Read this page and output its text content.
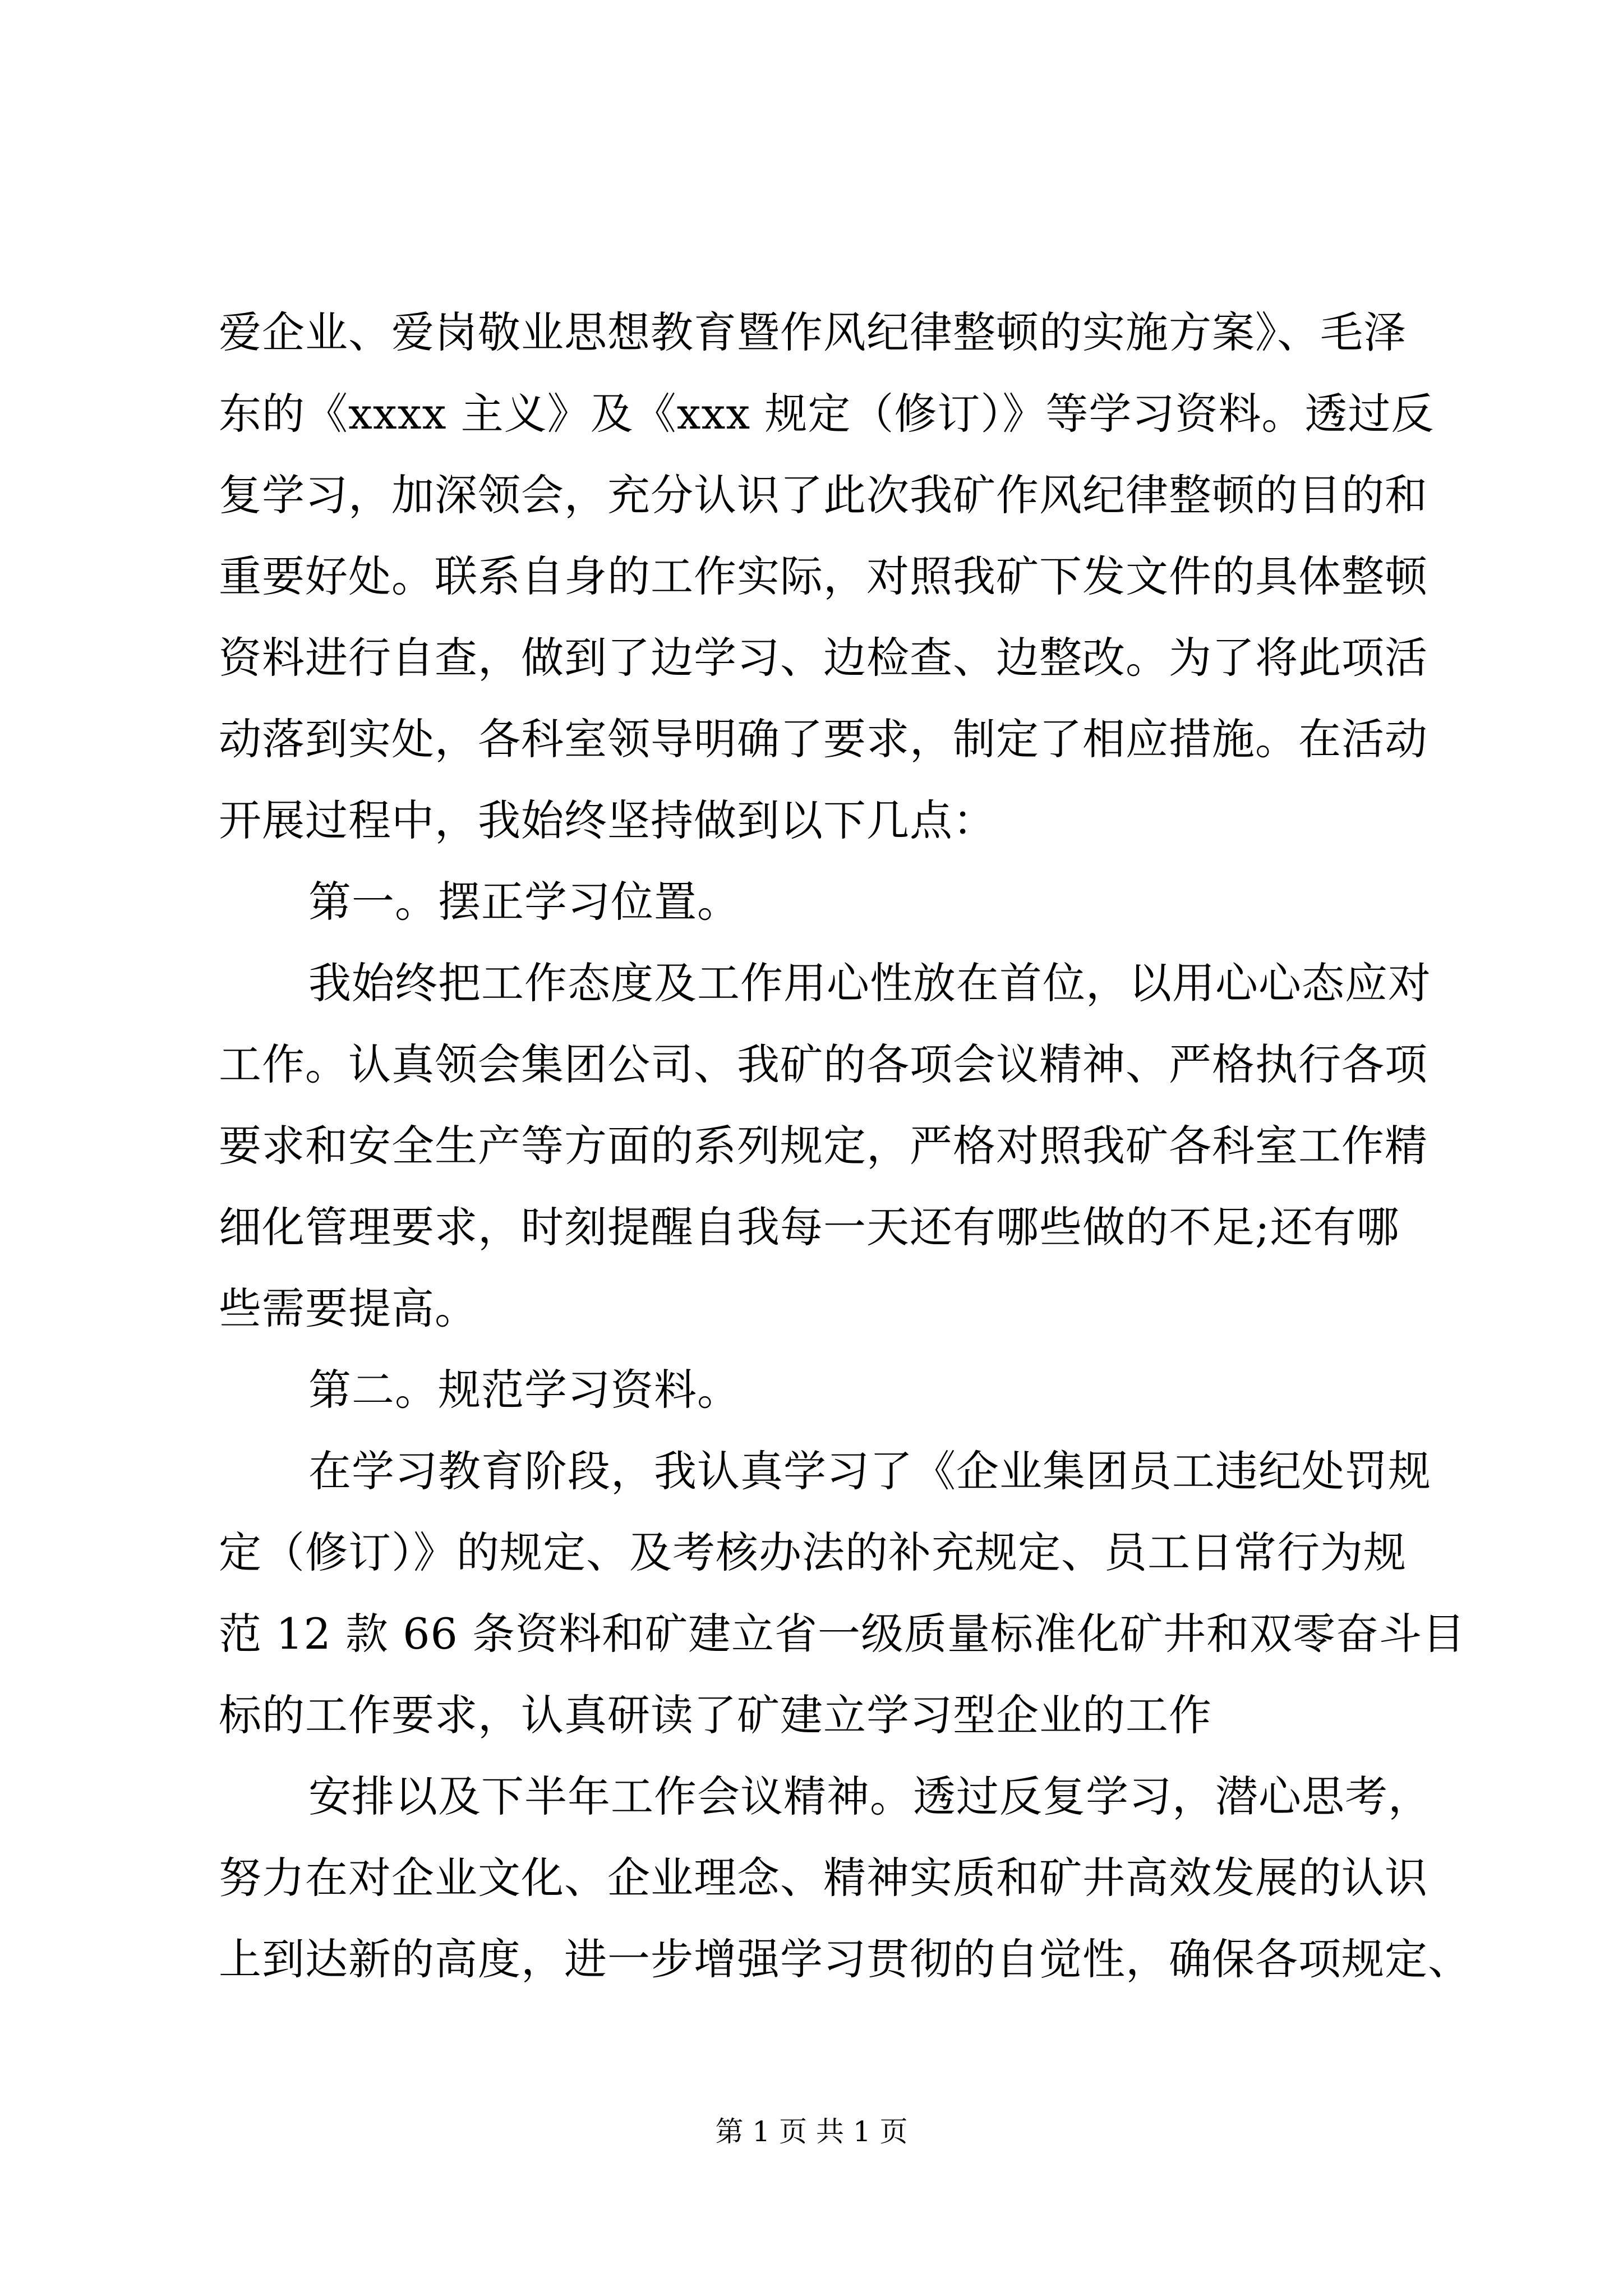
爱企业、爱岗敬业思想教育暨作风纪律整顿的实施方案》、毛泽
东的《xxxx 主义》及《xxx 规定（修订）》等学习资料。透过反
复学习，加深领会，充分认识了此次我矿作风纪律整顿的目的和
重要好处。联系自身的工作实际，对照我矿下发文件的具体整顿
资料进行自查，做到了边学习、边检查、边整改。为了将此项活
动落到实处，各科室领导明确了要求，制定了相应措施。在活动
开展过程中，我始终坚持做到以下几点：
第一。摆正学习位置。
我始终把工作态度及工作用心性放在首位，以用心心态应对
工作。认真领会集团公司、我矿的各项会议精神、严格执行各项
要求和安全生产等方面的系列规定，严格对照我矿各科室工作精
细化管理要求，时刻提醒自我每一天还有哪些做的不足;还有哪
些需要提高。
第二。规范学习资料。
在学习教育阶段，我认真学习了《企业集团员工违纪处罚规
定（修订）》的规定、及考核办法的补充规定、员工日常行为规
范 12 款 66 条资料和矿建立省一级质量标准化矿井和双零奋斗目
标的工作要求，认真研读了矿建立学习型企业的工作
安排以及下半年工作会议精神。透过反复学习，潜心思考，
努力在对企业文化、企业理念、精神实质和矿井高效发展的认识
上到达新的高度，进一步增强学习贯彻的自觉性，确保各项规定、
第 1 页 共 1 页
